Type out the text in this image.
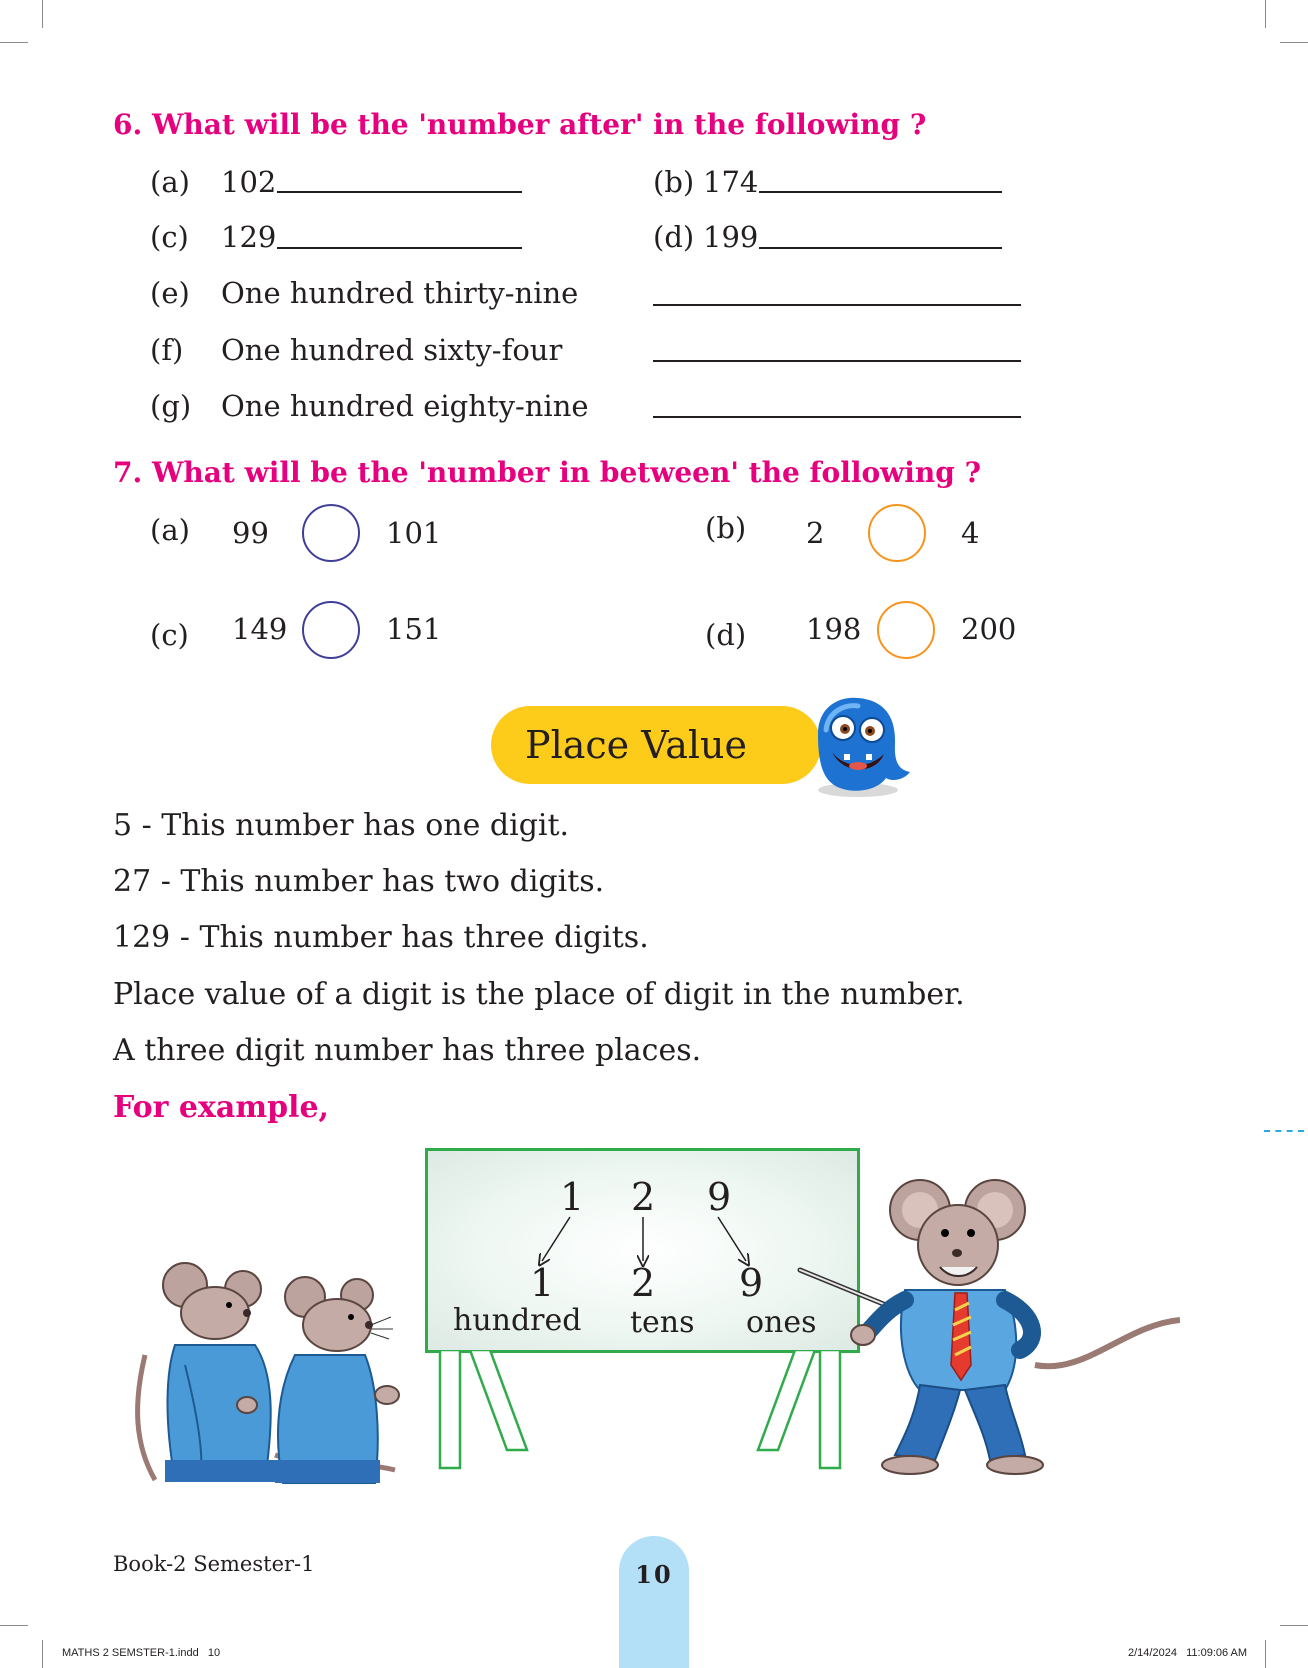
6. What will be the 'number after' in the following ?
(a) 102	(b) 174
(c) 129	(d) 199
(e) One hundred thirty-nine
(f) One hundred sixty-four
(g) One hundred eighty-nine
7. What will be the 'number in between' the following ?
(a) 99	101	(b) 2	4
(c) 149	151	(d) 198	200
Place Value
5 - This number has one digit.
27 - This number has two digits.
129 - This number has three digits.
Place value of a digit is the place of digit in the number.
A three digit number has three places.
For example,
1 2 9
1 2 9
hundred tens ones
Book-2 Semester-1	10
MATHS 2 SEMSTER-1.indd   10	2/14/2024   11:09:06 AM
